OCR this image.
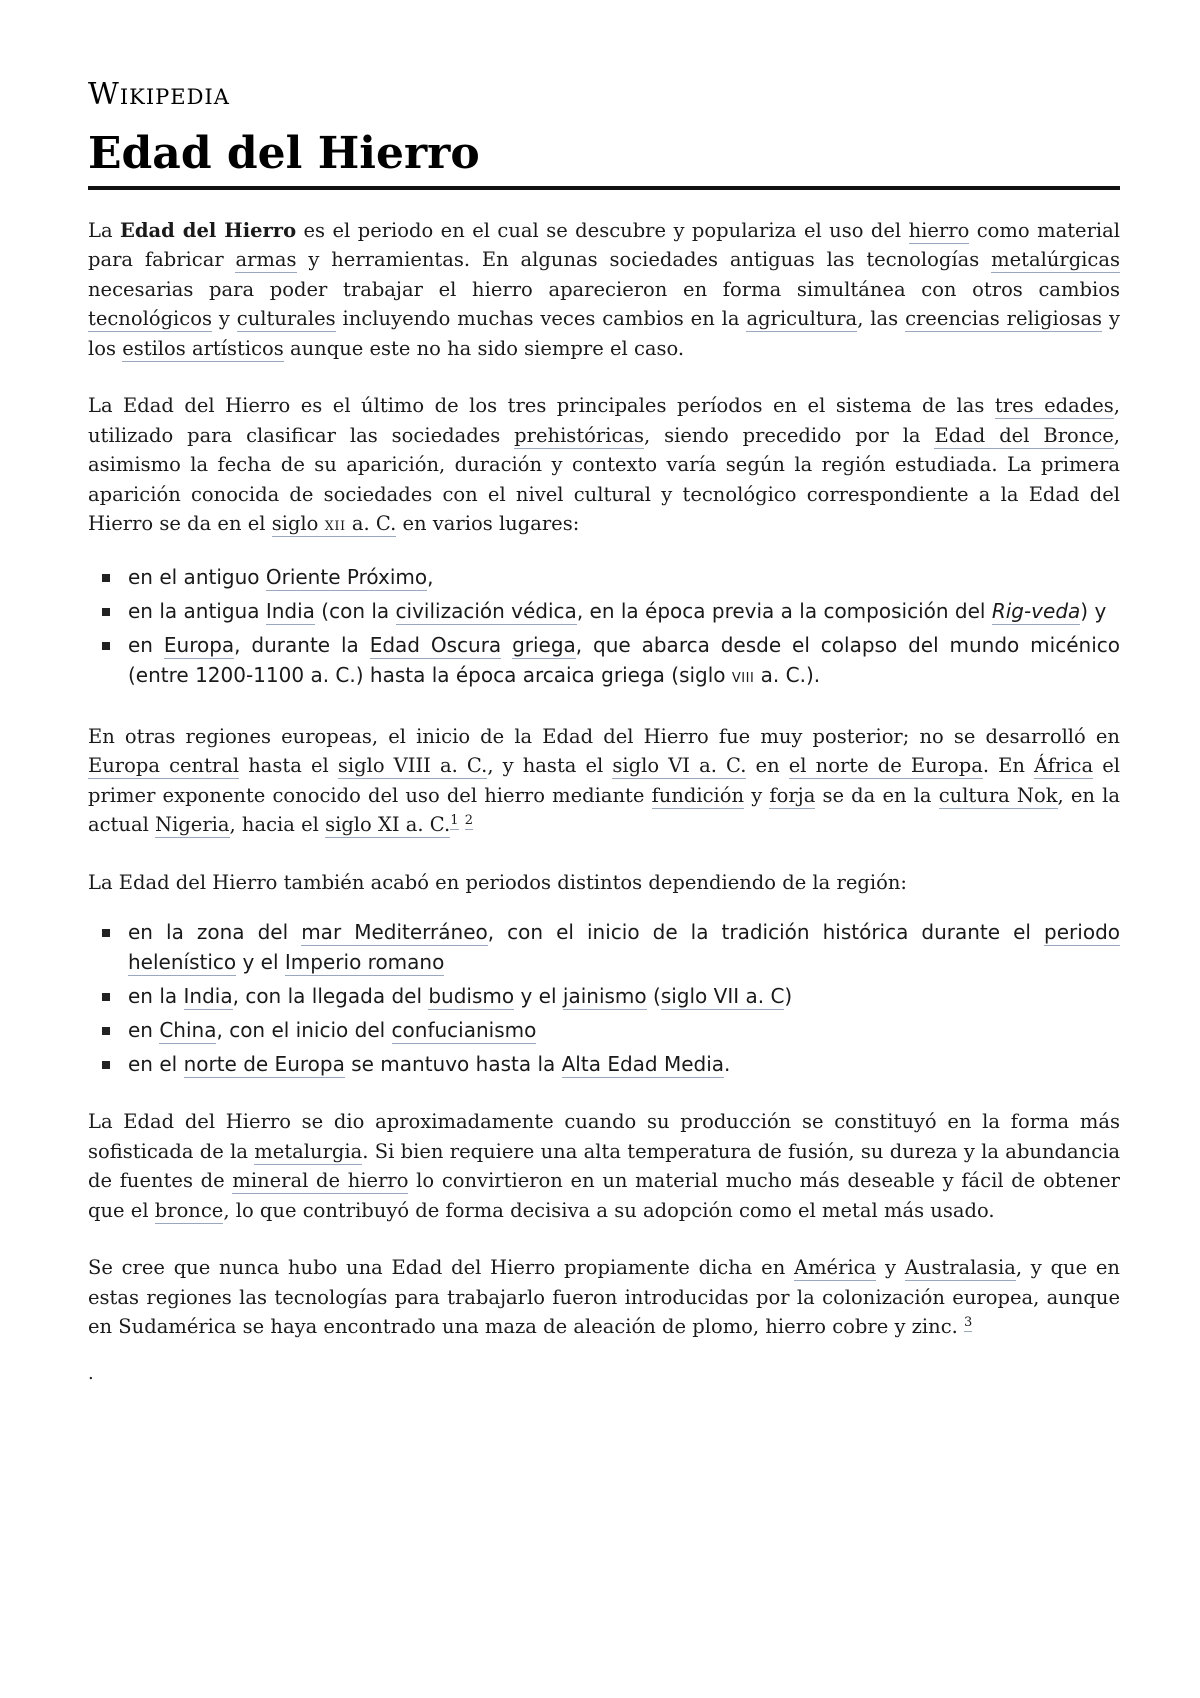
Wikipedia
Edad del Hierro

La Edad del Hierro es el periodo en el cual se descubre y populariza el uso del hierro como material para fabricar armas y herramientas. En algunas sociedades antiguas las tecnologías metalúrgicas necesarias para poder trabajar el hierro aparecieron en forma simultánea con otros cambios tecnológicos y culturales incluyendo muchas veces cambios en la agricultura, las creencias religiosas y los estilos artísticos aunque este no ha sido siempre el caso.

La Edad del Hierro es el último de los tres principales períodos en el sistema de las tres edades, utilizado para clasificar las sociedades prehistóricas, siendo precedido por la Edad del Bronce, asimismo la fecha de su aparición, duración y contexto varía según la región estudiada. La primera aparición conocida de sociedades con el nivel cultural y tecnológico correspondiente a la Edad del Hierro se da en el siglo XII a. C. en varios lugares:

en el antiguo Oriente Próximo,
en la antigua India (con la civilización védica, en la época previa a la composición del Rig-veda) y
en Europa, durante la Edad Oscura griega, que abarca desde el colapso del mundo micénico (entre 1200-1100 a. C.) hasta la época arcaica griega (siglo VIII a. C.).

En otras regiones europeas, el inicio de la Edad del Hierro fue muy posterior; no se desarrolló en Europa central hasta el siglo VIII a. C., y hasta el siglo VI a. C. en el norte de Europa. En África el primer exponente conocido del uso del hierro mediante fundición y forja se da en la cultura Nok, en la actual Nigeria, hacia el siglo XI a. C.$^1$ $^2$

La Edad del Hierro también acabó en periodos distintos dependiendo de la región:

en la zona del mar Mediterráneo, con el inicio de la tradición histórica durante el periodo helenístico y el Imperio romano
en la India, con la llegada del budismo y el jainismo (siglo VII a. C)
en China, con el inicio del confucianismo
en el norte de Europa se mantuvo hasta la Alta Edad Media.

La Edad del Hierro se dio aproximadamente cuando su producción se constituyó en la forma más sofisticada de la metalurgia. Si bien requiere una alta temperatura de fusión, su dureza y la abundancia de fuentes de mineral de hierro lo convirtieron en un material mucho más deseable y fácil de obtener que el bronce, lo que contribuyó de forma decisiva a su adopción como el metal más usado.

Se cree que nunca hubo una Edad del Hierro propiamente dicha en América y Australasia, y que en estas regiones las tecnologías para trabajarlo fueron introducidas por la colonización europea, aunque en Sudamérica se haya encontrado una maza de aleación de plomo, hierro cobre y zinc. $^3$

.
